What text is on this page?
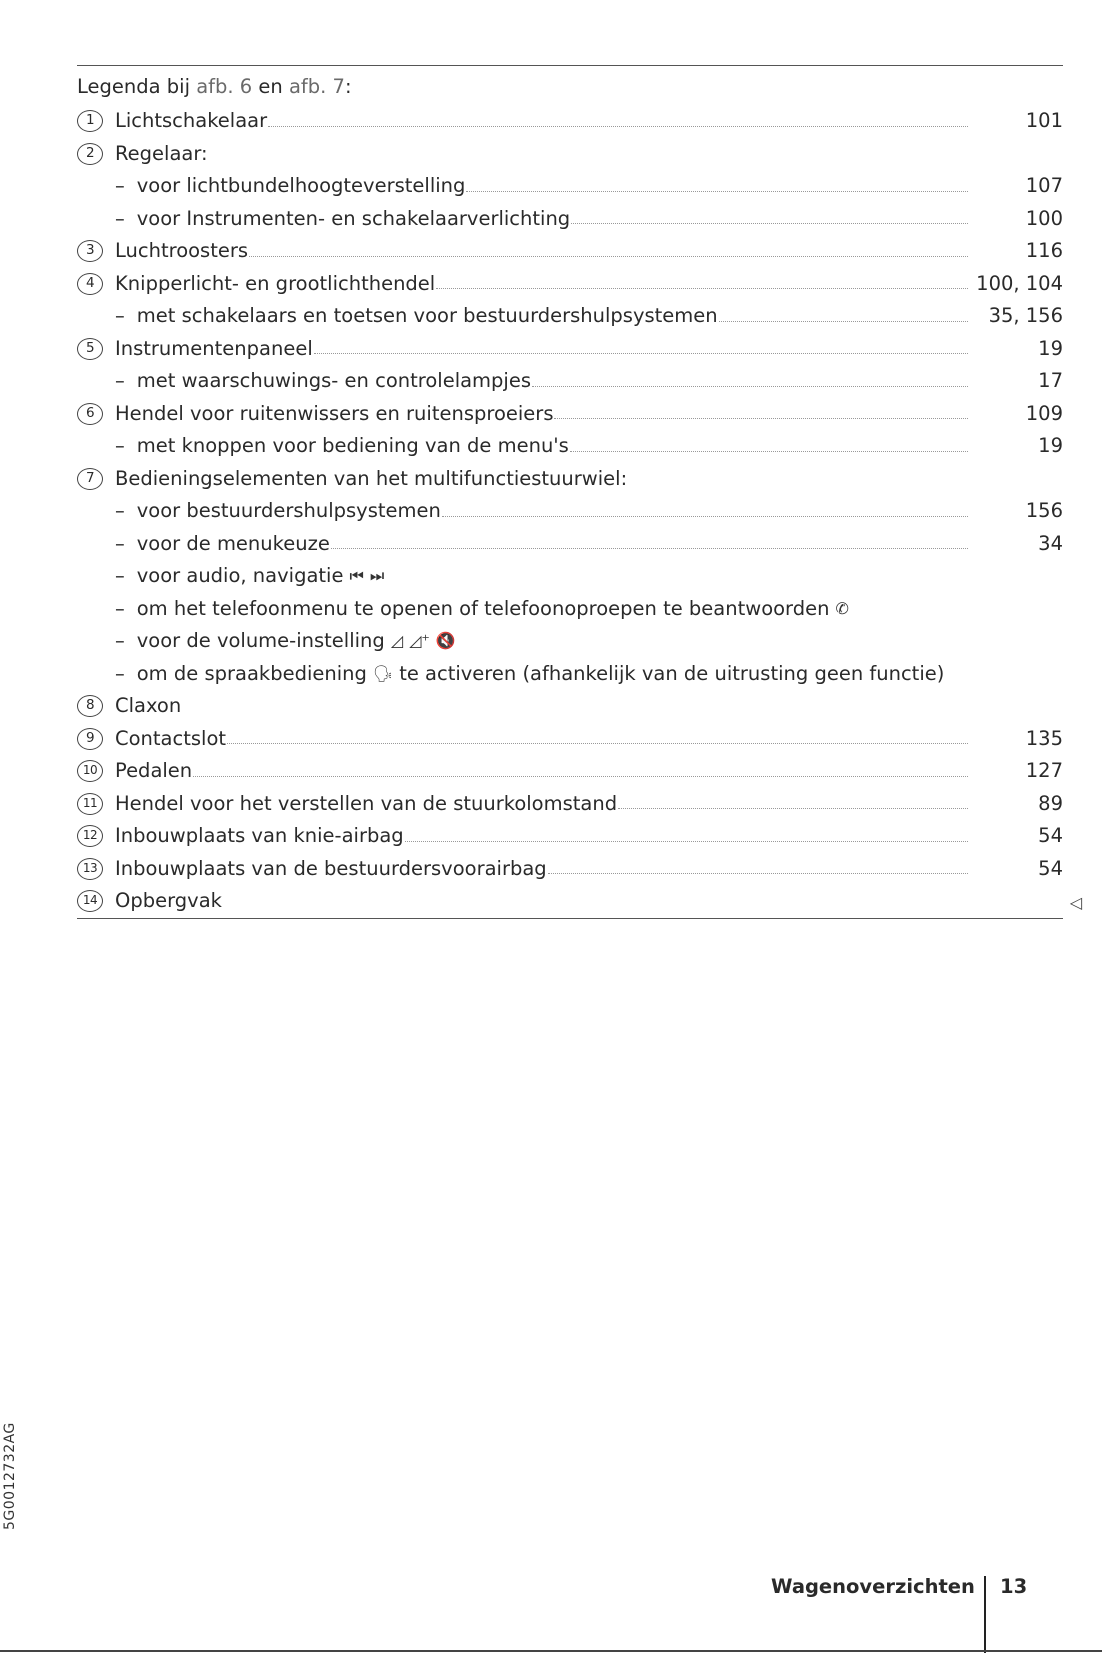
Legenda bij afb. 6 en afb. 7:
1	Lichtschakelaar	101
2	Regelaar:
– voor lichtbundelhoogteverstelling	107
– voor Instrumenten- en schakelaarverlichting	100
3	Luchtroosters	116
4	Knipperlicht- en grootlichthendel	100, 104
– met schakelaars en toetsen voor bestuurdershulpsystemen	35, 156
5	Instrumentenpaneel	19
– met waarschuwings- en controlelampjes	17
6	Hendel voor ruitenwissers en ruitensproeiers	109
– met knoppen voor bediening van de menu's	19
7	Bedieningselementen van het multifunctiestuurwiel:
– voor bestuurdershulpsystemen	156
– voor de menukeuze	34
– voor audio, navigatie ⏮ ⏭
– om het telefoonmenu te openen of telefoonoproepen te beantwoorden ✆
– voor de volume-instelling ◿ ◿⁺ 🔇
– om de spraakbediening 🗣 te activeren (afhankelijk van de uitrusting geen functie)
8	Claxon
9	Contactslot	135
10 Pedalen	127
11 Hendel voor het verstellen van de stuurkolomstand	89
12 Inbouwplaats van knie-airbag	54
13 Inbouwplaats van de bestuurdersvoorairbag	54
14 Opbergvak	◁
5G0012732AG
Wagenoverzichten 13
